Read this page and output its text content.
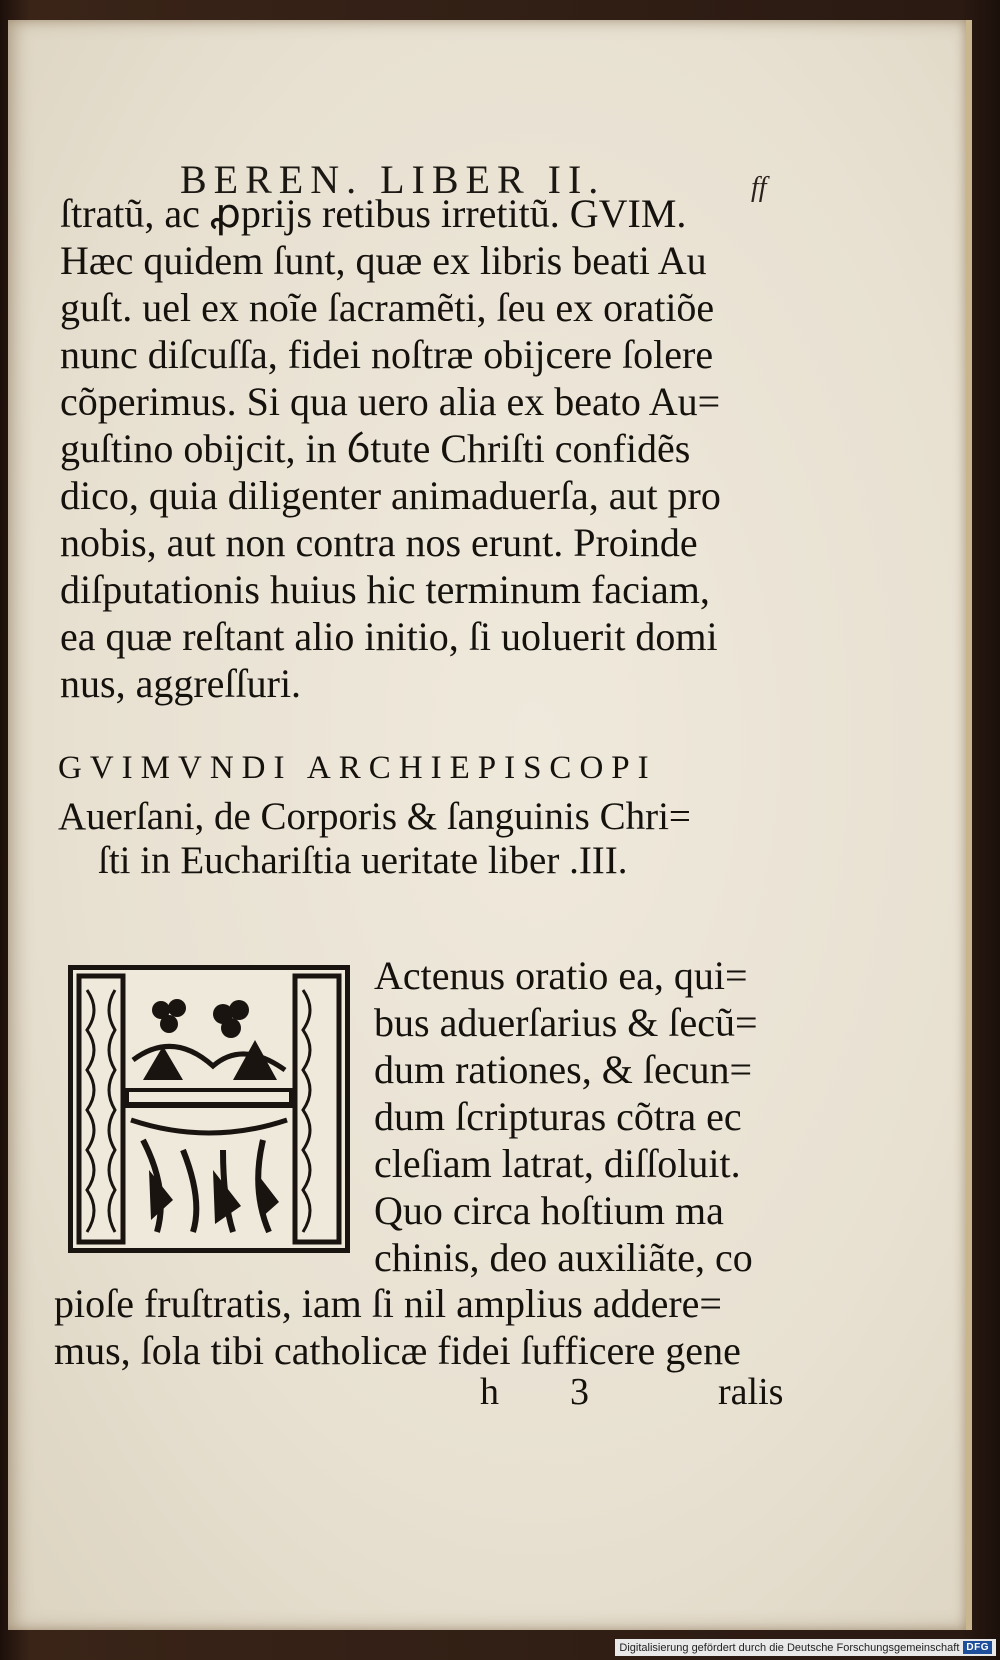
BEREN. LIBER II.	ff
ſtratũ, ac ꝓprijs retibus irretitũ. GVIM.
Hæc quidem ſunt, quæ ex libris beati Au
guſt. uel ex noĩe ſacramẽti, ſeu ex oratiõe
nunc diſcuſſa, fidei noſtræ obijcere ſolere
cõperimus. Si qua uero alia ex beato Au=
guſtino obijcit, in ỽtute Chriſti confidẽs
dico, quia diligenter animaduerſa, aut pro
nobis, aut non contra nos erunt. Proinde
diſputationis huius hic terminum faciam,
ea quæ reſtant alio initio, ſi uoluerit domi
nus, aggreſſuri.
GVIMVNDI ARCHIEPISCOPI
Auerſani, de Corporis & ſanguinis Chri=
ſti in Euchariſtia ueritate liber .III.
Actenus oratio ea, qui=
bus aduerſarius & ſecũ=
dum rationes, & ſecun=
dum ſcripturas cõtra ec
cleſiam latrat, diſſoluit.
Quo circa hoſtium ma
chinis, deo auxiliãte, co
pioſe fruſtratis, iam ſi nil amplius addere=
mus, ſola tibi catholicæ fidei ſufficere gene
h 3	ralis
Digitalisierung gefördert durch die Deutsche Forschungsgemeinschaft DFG
